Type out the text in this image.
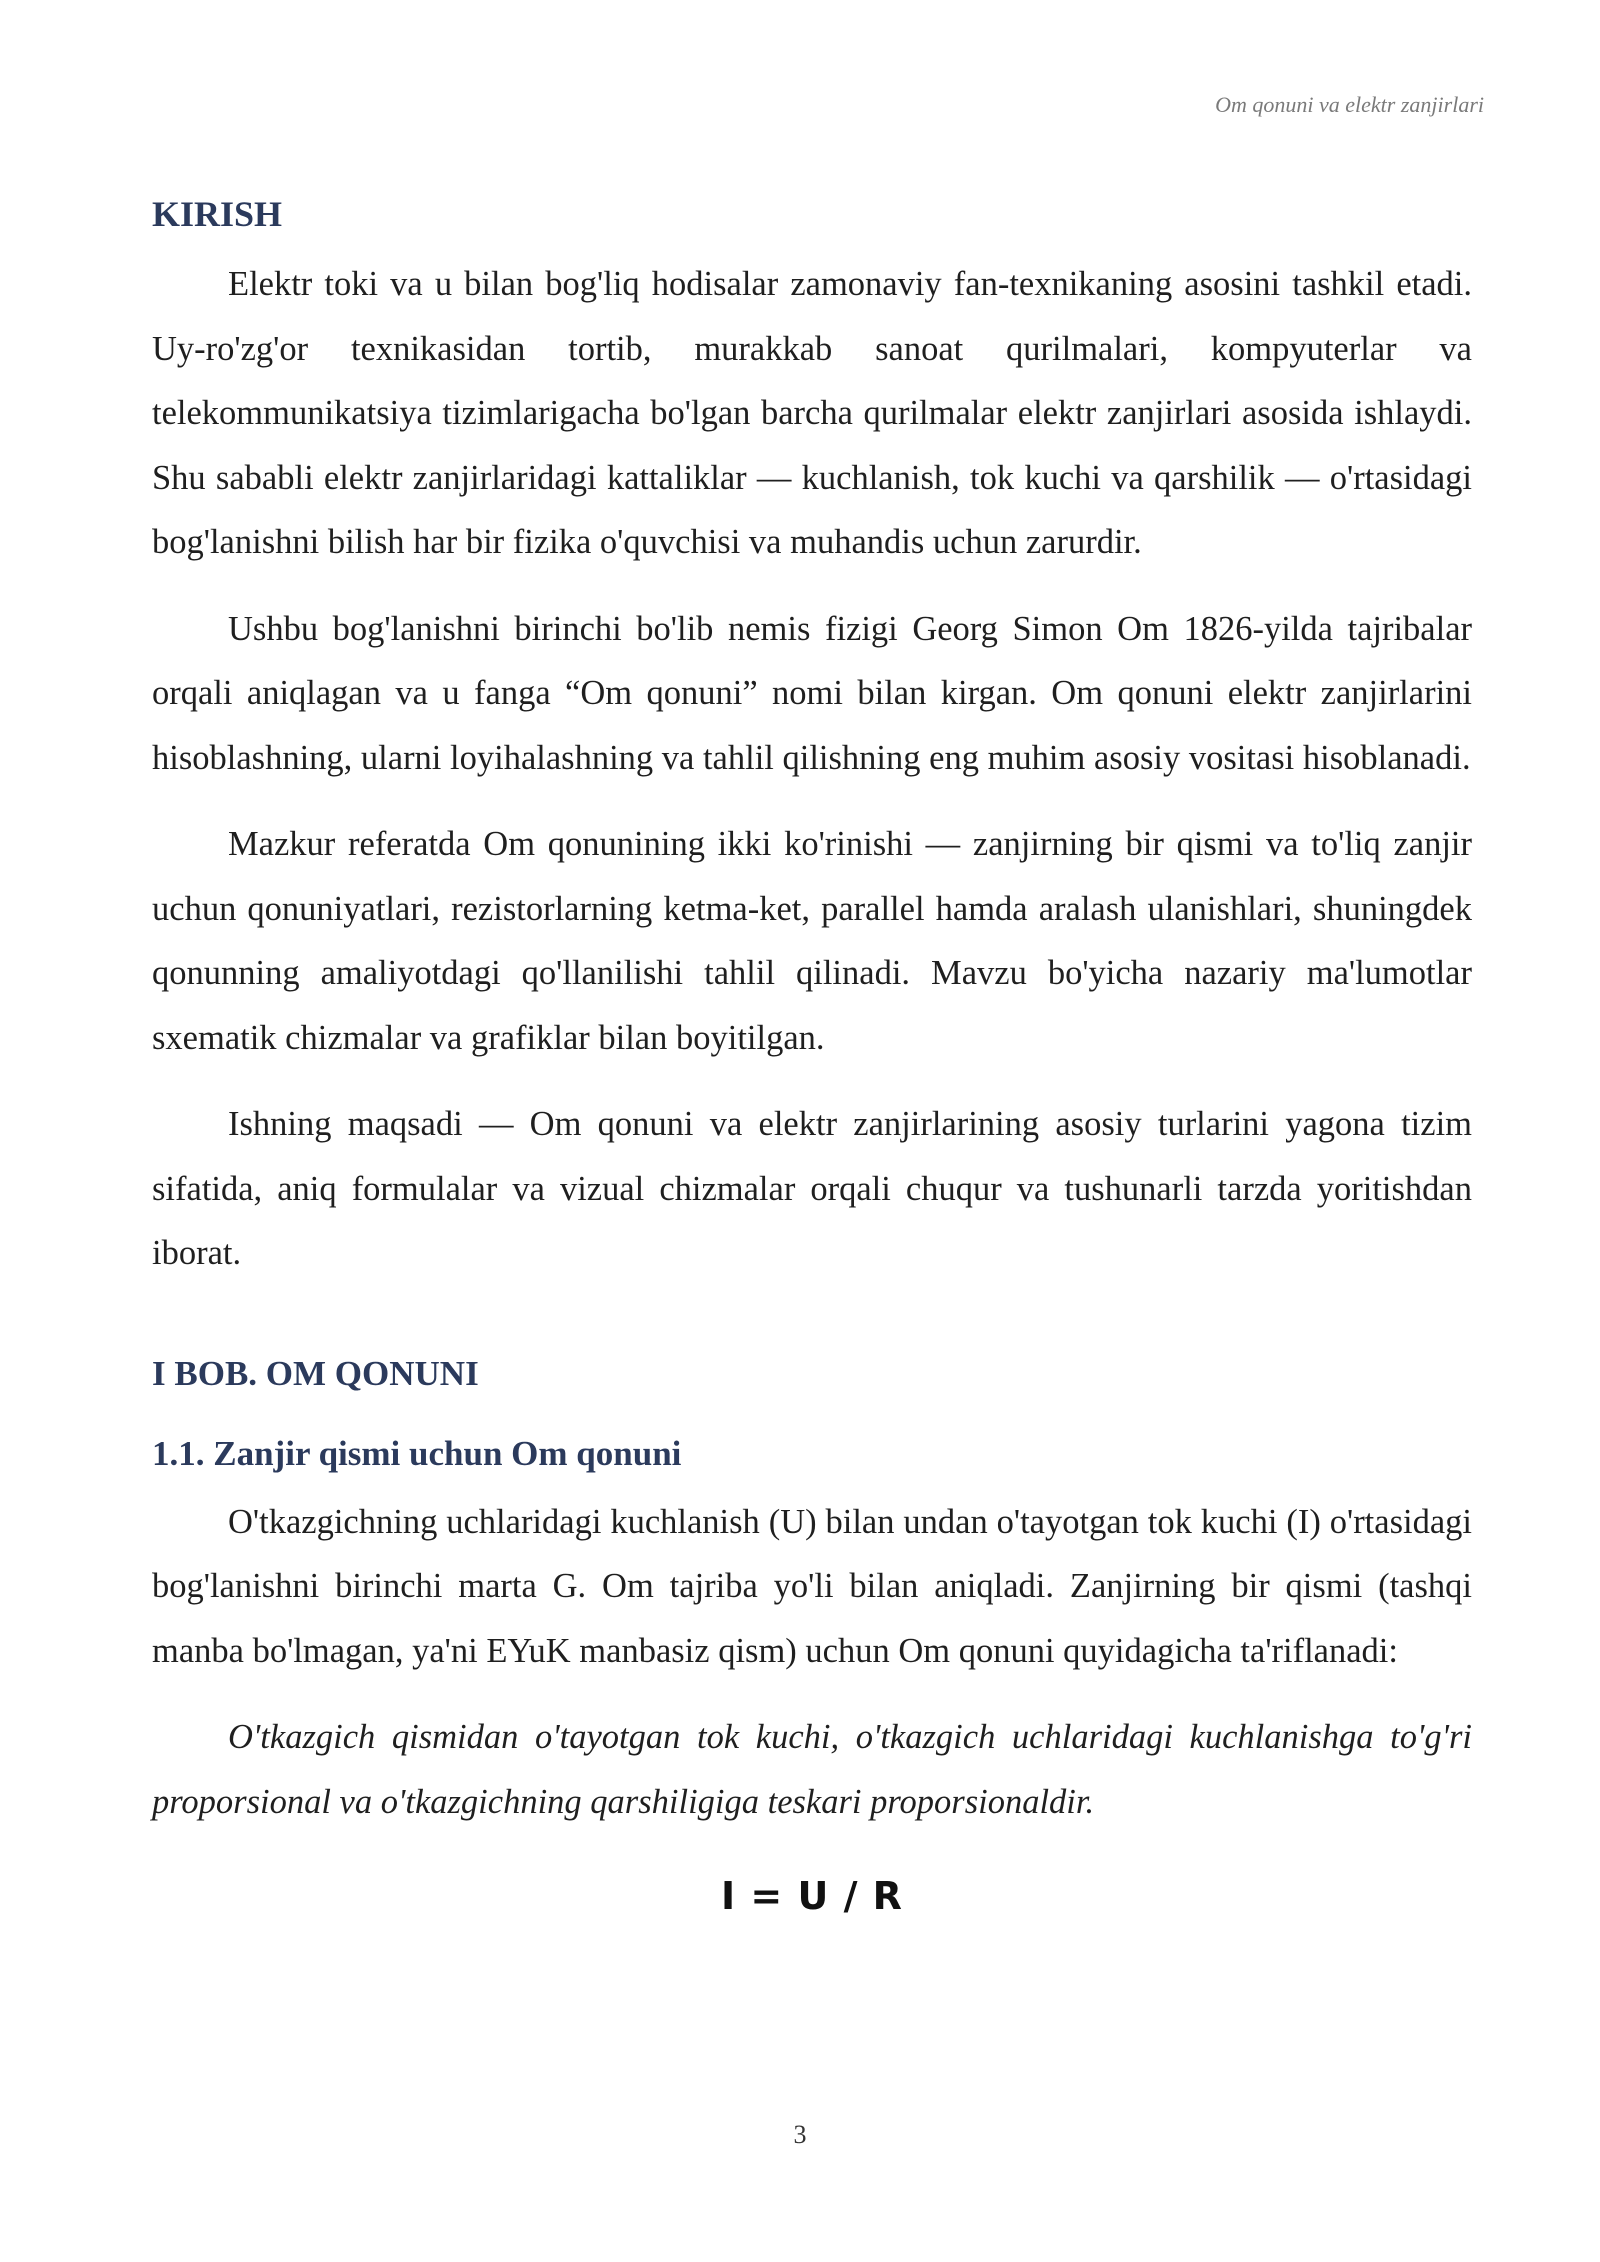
Om qonuni va elektr zanjirlari
KIRISH

Elektr toki va u bilan bog'liq hodisalar zamonaviy fan-texnikaning asosini tashkil etadi. Uy-ro'zg'or texnikasidan tortib, murakkab sanoat qurilmalari, kompyuterlar va telekommunikatsiya tizimlarigacha bo'lgan barcha qurilmalar elektr zanjirlari asosida ishlaydi. Shu sababli elektr zanjirlaridagi kattaliklar — kuchlanish, tok kuchi va qarshilik — o'rtasidagi bog'lanishni bilish har bir fizika o'quvchisi va muhandis uchun zarurdir.

Ushbu bog'lanishni birinchi bo'lib nemis fizigi Georg Simon Om 1826-yilda tajribalar orqali aniqlagan va u fanga “Om qonuni” nomi bilan kirgan. Om qonuni elektr zanjirlarini hisoblashning, ularni loyihalashning va tahlil qilishning eng muhim asosiy vositasi hisoblanadi.

Mazkur referatda Om qonunining ikki ko'rinishi — zanjirning bir qismi va to'liq zanjir uchun qonuniyatlari, rezistorlarning ketma-ket, parallel hamda aralash ulanishlari, shuningdek qonunning amaliyotdagi qo'llanilishi tahlil qilinadi. Mavzu bo'yicha nazariy ma'lumotlar sxematik chizmalar va grafiklar bilan boyitilgan.

Ishning maqsadi — Om qonuni va elektr zanjirlarining asosiy turlarini yagona tizim sifatida, aniq formulalar va vizual chizmalar orqali chuqur va tushunarli tarzda yoritishdan iborat.

I BOB. OM QONUNI
1.1. Zanjir qismi uchun Om qonuni

O'tkazgichning uchlaridagi kuchlanish (U) bilan undan o'tayotgan tok kuchi (I) o'rtasidagi bog'lanishni birinchi marta G. Om tajriba yo'li bilan aniqladi. Zanjirning bir qismi (tashqi manba bo'lmagan, ya'ni EYuK manbasiz qism) uchun Om qonuni quyidagicha ta'riflanadi:

O'tkazgich qismidan o'tayotgan tok kuchi, o'tkazgich uchlaridagi kuchlanishga to'g'ri proporsional va o'tkazgichning qarshiligiga teskari proporsionaldir.

I = U / R
3
